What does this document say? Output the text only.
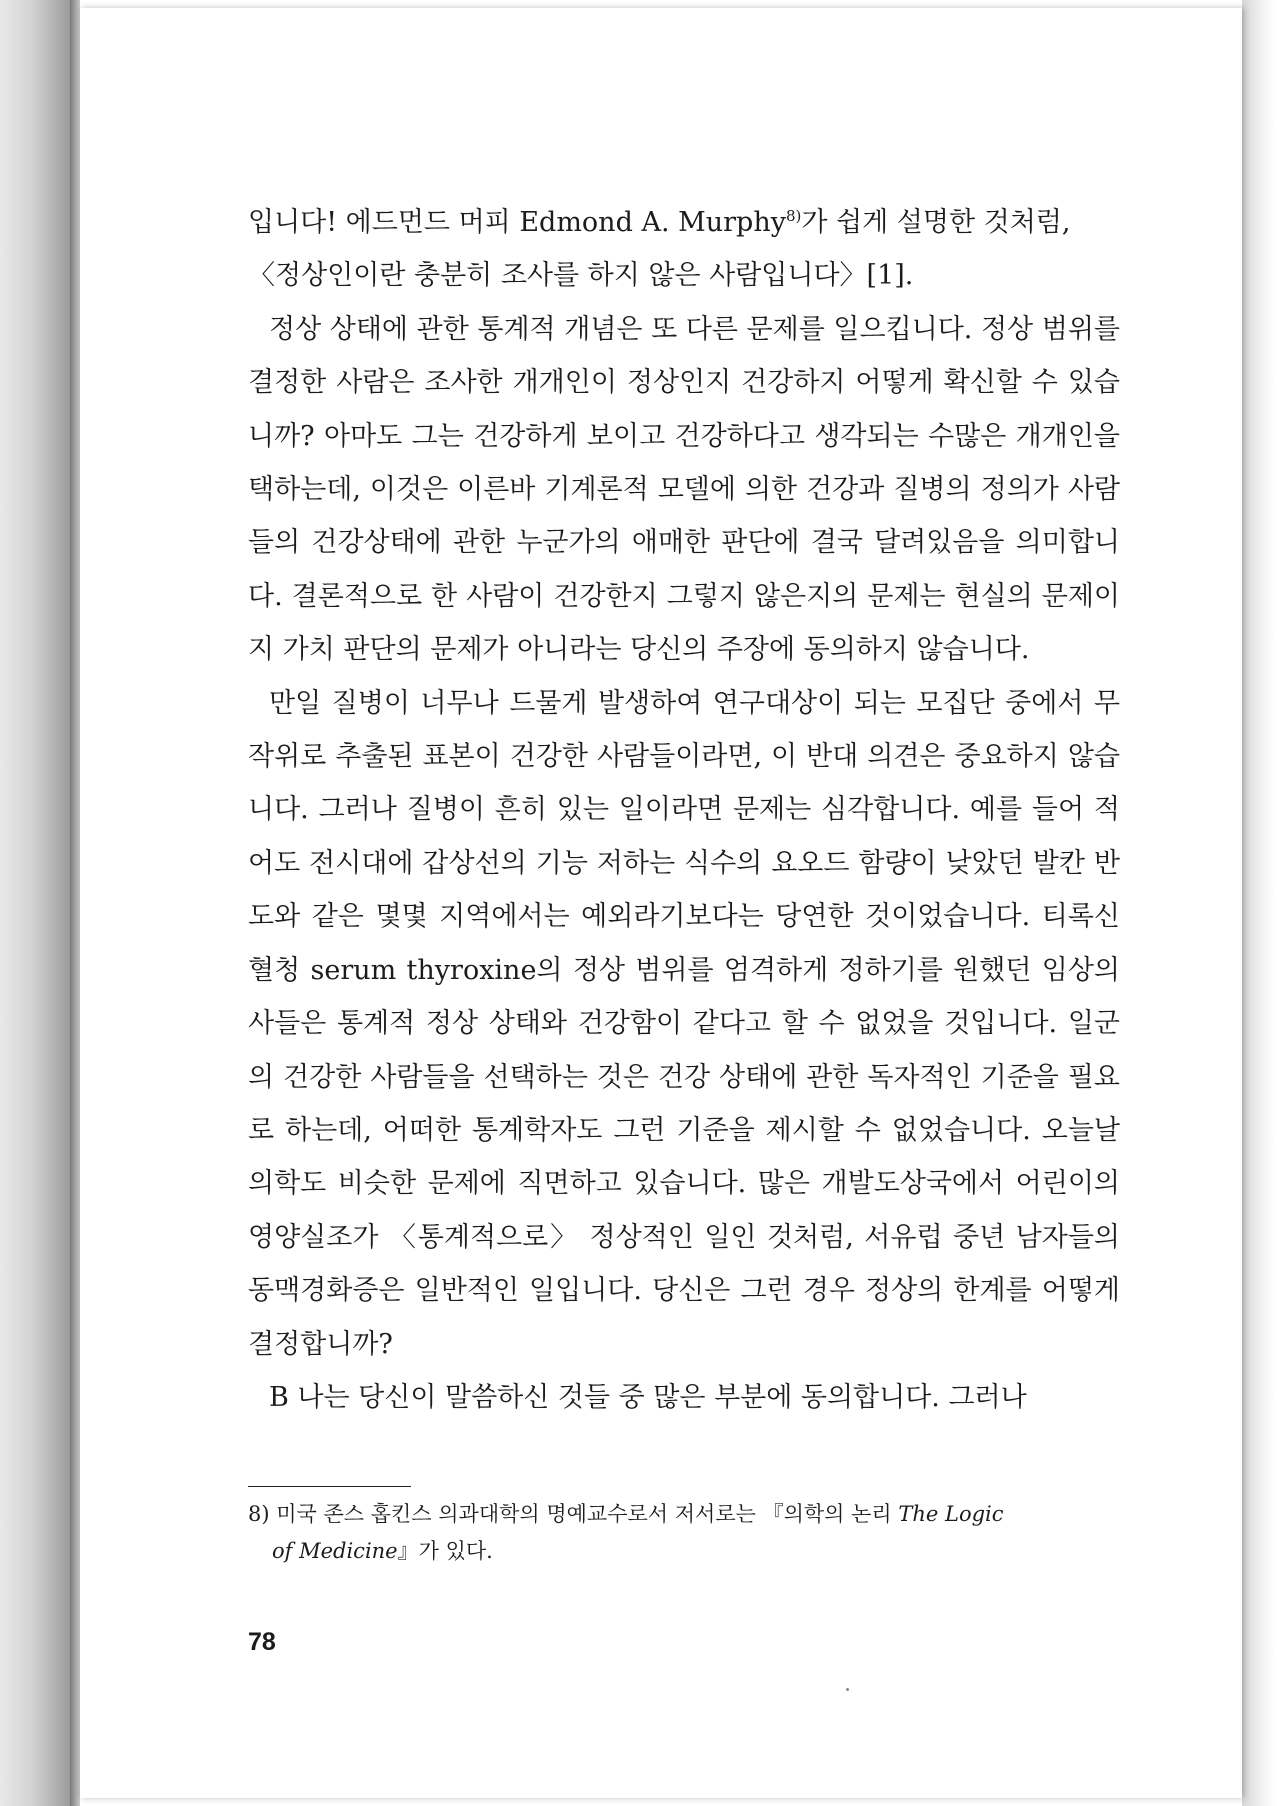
입니다! 에드먼드 머피 Edmond A. Murphy$^{8)}$가 쉽게 설명한 것처럼,
〈정상인이란 충분히 조사를 하지 않은 사람입니다〉[1].

정상 상태에 관한 통계적 개념은 또 다른 문제를 일으킵니다. 정상 범위를 결정한 사람은 조사한 개개인이 정상인지 건강하지 어떻게 확신할 수 있습니까? 아마도 그는 건강하게 보이고 건강하다고 생각되는 수많은 개개인을 택하는데, 이것은 이른바 기계론적 모델에 의한 건강과 질병의 정의가 사람들의 건강상태에 관한 누군가의 애매한 판단에 결국 달려있음을 의미합니다. 결론적으로 한 사람이 건강한지 그렇지 않은지의 문제는 현실의 문제이지 가치 판단의 문제가 아니라는 당신의 주장에 동의하지 않습니다.

만일 질병이 너무나 드물게 발생하여 연구대상이 되는 모집단 중에서 무작위로 추출된 표본이 건강한 사람들이라면, 이 반대 의견은 중요하지 않습니다. 그러나 질병이 흔히 있는 일이라면 문제는 심각합니다. 예를 들어 적어도 전시대에 갑상선의 기능 저하는 식수의 요오드 함량이 낮았던 발칸 반도와 같은 몇몇 지역에서는 예외라기보다는 당연한 것이었습니다. 티록신 혈청 serum thyroxine의 정상 범위를 엄격하게 정하기를 원했던 임상의사들은 통계적 정상 상태와 건강함이 같다고 할 수 없었을 것입니다. 일군의 건강한 사람들을 선택하는 것은 건강 상태에 관한 독자적인 기준을 필요로 하는데, 어떠한 통계학자도 그런 기준을 제시할 수 없었습니다. 오늘날 의학도 비슷한 문제에 직면하고 있습니다. 많은 개발도상국에서 어린이의 영양실조가 〈통계적으로〉 정상적인 일인 것처럼, 서유럽 중년 남자들의 동맥경화증은 일반적인 일입니다. 당신은 그런 경우 정상의 한계를 어떻게 결정합니까?

B 나는 당신이 말씀하신 것들 중 많은 부분에 동의합니다. 그러나

8) 미국 존스 홉킨스 의과대학의 명예교수로서 저서로는 『의학의 논리 The Logic
of Medicine』가 있다.
78
